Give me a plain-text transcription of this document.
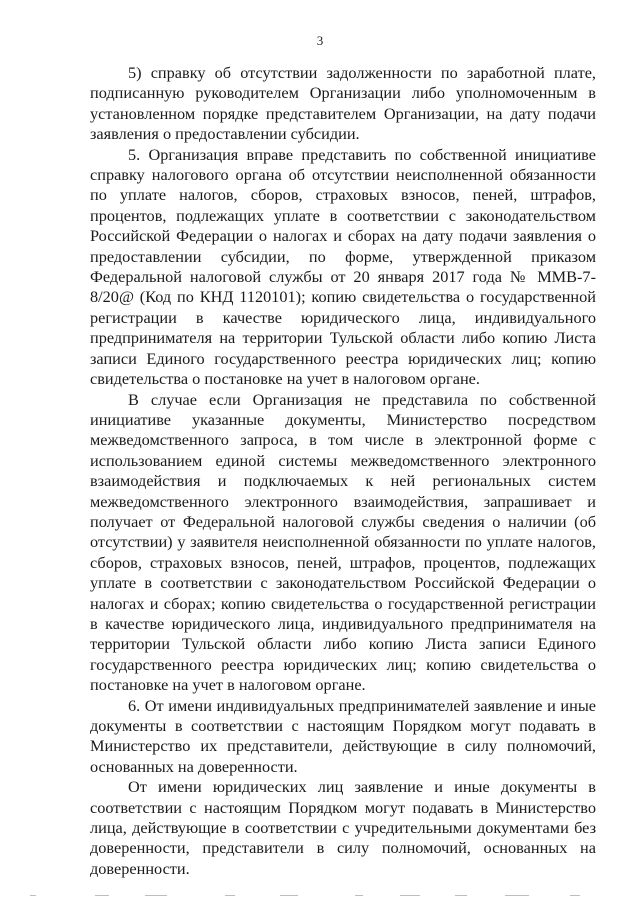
3

5) справку об отсутствии задолженности по заработной плате, подписанную руководителем Организации либо уполномоченным в установленном порядке представителем Организации, на дату подачи заявления о предоставлении субсидии.

5. Организация вправе представить по собственной инициативе справку налогового органа об отсутствии неисполненной обязанности по уплате налогов, сборов, страховых взносов, пеней, штрафов, процентов, подлежащих уплате в соответствии с законодательством Российской Федерации о налогах и сборах на дату подачи заявления о предоставлении субсидии, по форме, утвержденной приказом Федеральной налоговой службы от 20 января 2017 года № ММВ-7-8/20@ (Код по КНД 1120101); копию свидетельства о государственной регистрации в качестве юридического лица, индивидуального предпринимателя на территории Тульской области либо копию Листа записи Единого государственного реестра юридических лиц; копию свидетельства о постановке на учет в налоговом органе.

В случае если Организация не представила по собственной инициативе указанные документы, Министерство посредством межведомственного запроса, в том числе в электронной форме с использованием единой системы межведомственного электронного взаимодействия и подключаемых к ней региональных систем межведомственного электронного взаимодействия, запрашивает и получает от Федеральной налоговой службы сведения о наличии (об отсутствии) у заявителя неисполненной обязанности по уплате налогов, сборов, страховых взносов, пеней, штрафов, процентов, подлежащих уплате в соответствии с законодательством Российской Федерации о налогах и сборах; копию свидетельства о государственной регистрации в качестве юридического лица, индивидуального предпринимателя на территории Тульской области либо копию Листа записи Единого государственного реестра юридических лиц; копию свидетельства о постановке на учет в налоговом органе.

6. От имени индивидуальных предпринимателей заявление и иные документы в соответствии с настоящим Порядком могут подавать в Министерство их представители, действующие в силу полномочий, основанных на доверенности.

От имени юридических лиц заявление и иные документы в соответствии с настоящим Порядком могут подавать в Министерство лица, действующие в соответствии с учредительными документами без доверенности, представители в силу полномочий, основанных на доверенности.
